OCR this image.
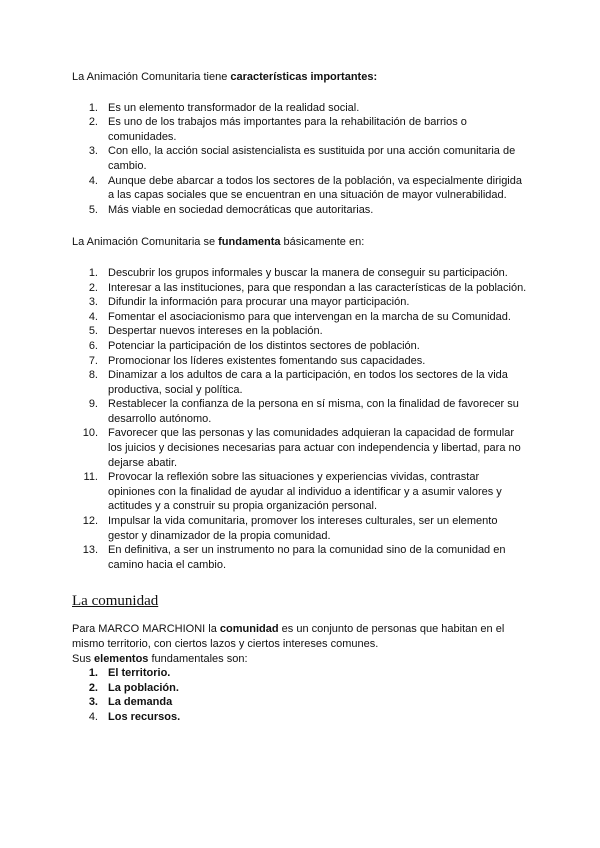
La Animación Comunitaria tiene características importantes:

1. Es un elemento transformador de la realidad social.
2. Es uno de los trabajos más importantes para la rehabilitación de barrios o comunidades.
3. Con ello, la acción social asistencialista es sustituida por una acción comunitaria de cambio.
4. Aunque debe abarcar a todos los sectores de la población, va especialmente dirigida a las capas sociales que se encuentran en una situación de mayor vulnerabilidad.
5. Más viable en sociedad democráticas que autoritarias.

La Animación Comunitaria se fundamenta básicamente en:

1. Descubrir los grupos informales y buscar la manera de conseguir su participación.
2. Interesar a las instituciones, para que respondan a las características de la población.
3. Difundir la información para procurar una mayor participación.
4. Fomentar el asociacionismo para que intervengan en la marcha de su Comunidad.
5. Despertar nuevos intereses en la población.
6. Potenciar la participación de los distintos sectores de población.
7. Promocionar los líderes existentes fomentando sus capacidades.
8. Dinamizar a los adultos de cara a la participación, en todos los sectores de la vida productiva, social y política.
9. Restablecer la confianza de la persona en sí misma, con la finalidad de favorecer su desarrollo autónomo.
10. Favorecer que las personas y las comunidades adquieran la capacidad de formular los juicios y decisiones necesarias para actuar con independencia y libertad, para no dejarse abatir.
11. Provocar la reflexión sobre las situaciones y experiencias vividas, contrastar opiniones con la finalidad de ayudar al individuo a identificar y a asumir valores y actitudes y a construir su propia organización personal.
12. Impulsar la vida comunitaria, promover los intereses culturales, ser un elemento gestor y dinamizador de la propia comunidad.
13. En definitiva, a ser un instrumento no para la comunidad sino de la comunidad en camino hacia el cambio.
La comunidad

Para MARCO MARCHIONI la comunidad es un conjunto de personas que habitan en el mismo territorio, con ciertos lazos y ciertos intereses comunes.

Sus elementos fundamentales son:

1. El territorio.
2. La población.
3. La demanda
4. Los recursos.
